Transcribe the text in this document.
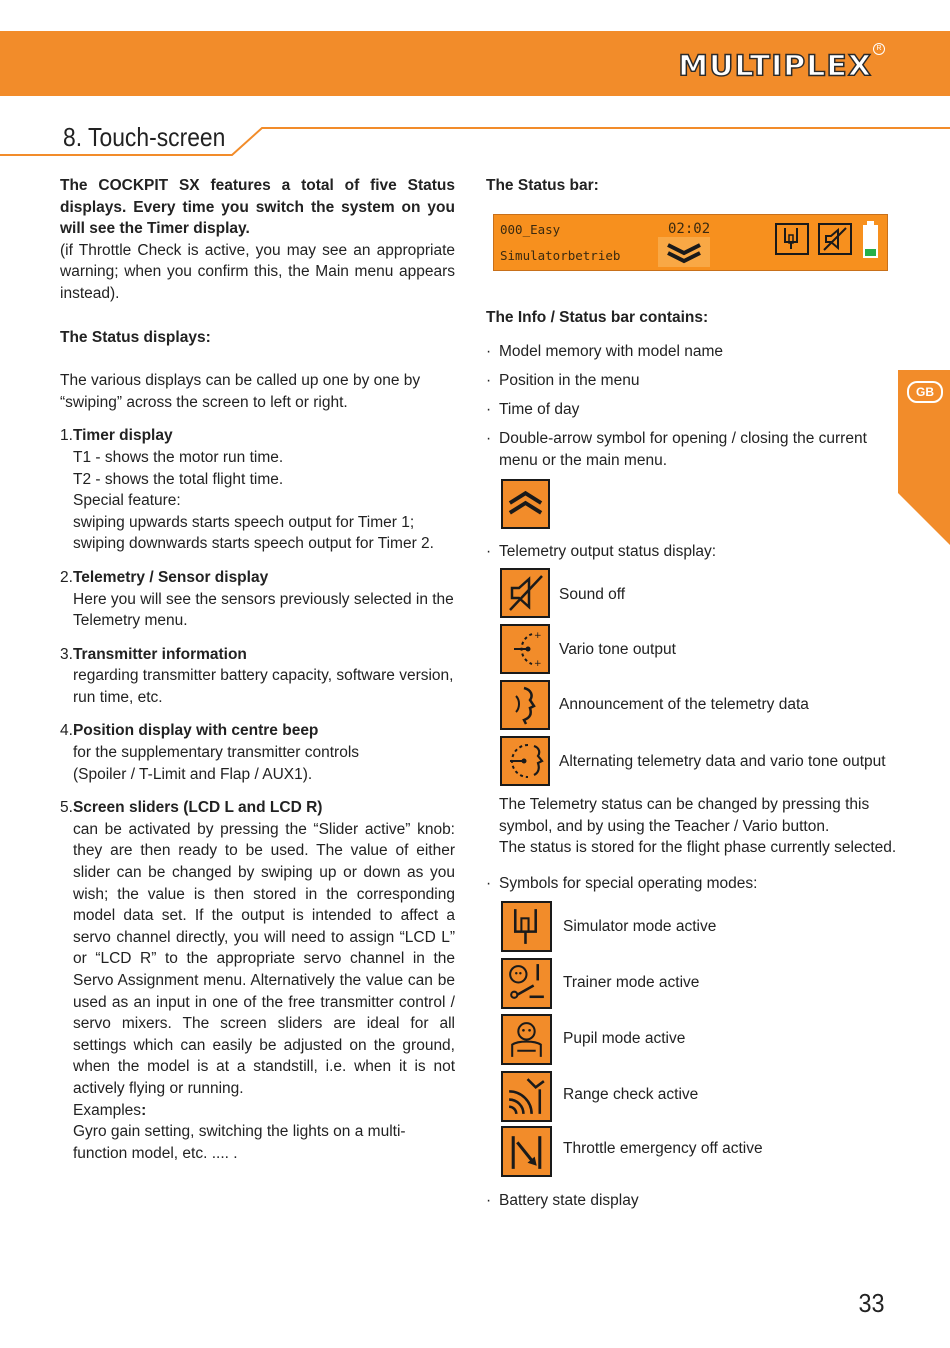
MULTIPLEX
R
8. Touch-screen
GB

The COCKPIT SX features a total of five Status displays. Every time you switch the system on you will see the Timer display.

(if Throttle Check is active, you may see an appropriate warning; when you confirm this, the Main menu appears instead).

The Status displays:

The various displays can be called up one by one by “swiping” across the screen to left or right.

1.Timer display
T1 - shows the motor run time.
T2 - shows the total flight time.
Special feature:
swiping upwards starts speech output for Timer 1; swiping downwards starts speech output for Timer 2.
2.Telemetry / Sensor display
Here you will see the sensors previously selected in the Telemetry menu.
3.Transmitter information
regarding transmitter battery capacity, software version, run time, etc.
4.Position display with centre beep
for the supplementary transmitter controls
(Spoiler / T-Limit and Flap / AUX1).
5.Screen sliders (LCD L and LCD R)
can be activated by pressing the “Slider active” knob: they are then ready to be used. The value of either slider can be changed by swiping up or down as you wish; the value is then stored in the corresponding model data set. If the output is intended to affect a servo channel directly, you will need to assign “LCD L” or “LCD R” to the appropriate servo channel in the Servo Assignment menu. Alternatively the value can be used as an input in one of the free transmitter control / servo mixers. The screen sliders are ideal for all settings which can easily be adjusted on the ground, when the model is at a standstill, i.e. when it is not actively flying or running.
Examples:
Gyro gain setting, switching the lights on a multi-function model, etc. .... .

The Status bar:

000_Easy	02:02
Simulatorbetrieb
The Info / Status bar contains:
· Model memory with model name
· Position in the menu
· Time of day
· Double-arrow symbol for opening / closing the current menu or the main menu.
· Telemetry output status display:
Sound off
+
+
Vario tone output
Announcement of the telemetry data
Alternating telemetry data and vario tone output

The Telemetry status can be changed by pressing this

symbol, and by using the Teacher / Vario button.

The status is stored for the flight phase currently selected.

· Symbols for special operating modes:
Simulator mode active
Trainer mode active
Pupil mode active
Range check active
Throttle emergency off active
· Battery state display
33
